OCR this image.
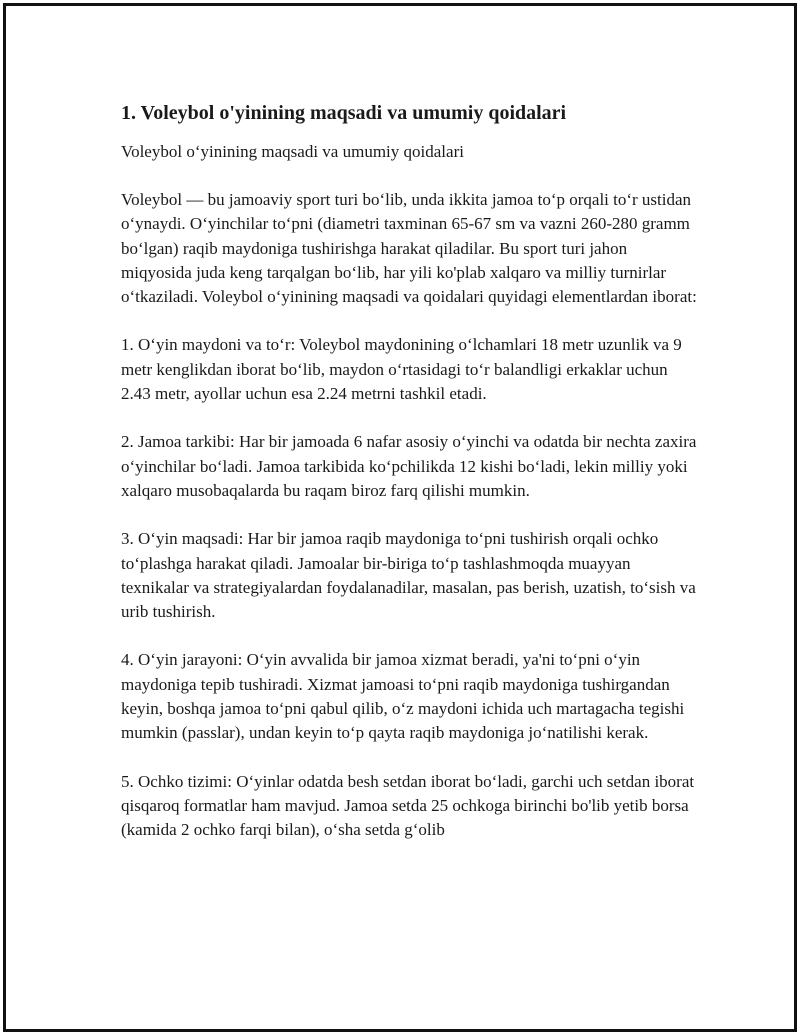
1. Voleybol o'yinining maqsadi va umumiy qoidalari

Voleybol o‘yinining maqsadi va umumiy qoidalari

Voleybol — bu jamoaviy sport turi bo‘lib, unda ikkita jamoa to‘p orqali to‘r ustidan o‘ynaydi. O‘yinchilar to‘pni (diametri taxminan 65-67 sm va vazni 260-280 gramm bo‘lgan) raqib maydoniga tushirishga harakat qiladilar. Bu sport turi jahon miqyosida juda keng tarqalgan bo‘lib, har yili ko'plab xalqaro va milliy turnirlar o‘tkaziladi. Voleybol o‘yinining maqsadi va qoidalari quyidagi elementlardan iborat:

1. O‘yin maydoni va to‘r: Voleybol maydonining o‘lchamlari 18 metr uzunlik va 9 metr kenglikdan iborat bo‘lib, maydon o‘rtasidagi to‘r balandligi erkaklar uchun 2.43 metr, ayollar uchun esa 2.24 metrni tashkil etadi.

2. Jamoa tarkibi: Har bir jamoada 6 nafar asosiy o‘yinchi va odatda bir nechta zaxira o‘yinchilar bo‘ladi. Jamoa tarkibida ko‘pchilikda 12 kishi bo‘ladi, lekin milliy yoki xalqaro musobaqalarda bu raqam biroz farq qilishi mumkin.

3. O‘yin maqsadi: Har bir jamoa raqib maydoniga to‘pni tushirish orqali ochko to‘plashga harakat qiladi. Jamoalar bir-biriga to‘p tashlashmoqda muayyan texnikalar va strategiyalardan foydalanadilar, masalan, pas berish, uzatish, to‘sish va urib tushirish.

4. O‘yin jarayoni: O‘yin avvalida bir jamoa xizmat beradi, ya'ni to‘pni o‘yin maydoniga tepib tushiradi. Xizmat jamoasi to‘pni raqib maydoniga tushirgandan keyin, boshqa jamoa to‘pni qabul qilib, o‘z maydoni ichida uch martagacha tegishi mumkin (passlar), undan keyin to‘p qayta raqib maydoniga jo‘natilishi kerak.

5. Ochko tizimi: O‘yinlar odatda besh setdan iborat bo‘ladi, garchi uch setdan iborat qisqaroq formatlar ham mavjud. Jamoa setda 25 ochkoga birinchi bo'lib yetib borsa (kamida 2 ochko farqi bilan), o‘sha setda g‘olib
